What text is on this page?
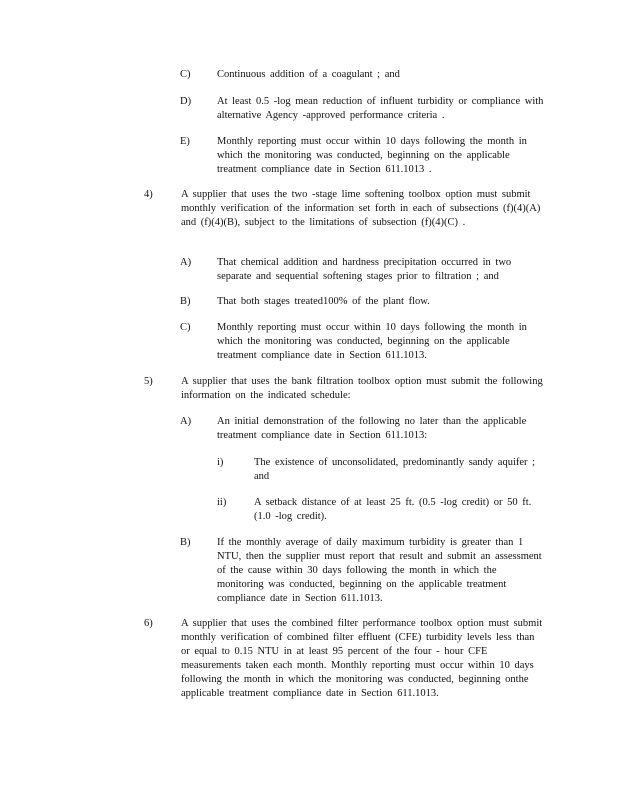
C)	Continuous addition of a coagulant ; and
D) At least 0.5 -log mean reduction of influent turbidity or compliance with alternative Agency -approved performance criteria .
E)	Monthly reporting must occur within 10 days following the month in which the monitoring was conducted, beginning on the applicable treatment compliance date in Section 611.1013 .
4)	A supplier that uses the two -stage lime softening toolbox option must submit monthly verification of the information set forth in each of subsections (f)(4)(A) and (f)(4)(B), subject to the limitations of subsection (f)(4)(C) .
A) That chemical addition and hardness precipitation occurred in two separate and sequential softening stages prior to filtration ; and
B)	That both stages treated100% of the plant flow.
C)	Monthly reporting must occur within 10 days following the month in which the monitoring was conducted, beginning on the applicable treatment compliance date in Section 611.1013.
5)	A supplier that uses the bank filtration toolbox option must submit the following information on the indicated schedule:
A) An initial demonstration of the following no later than the applicable treatment compliance date in Section 611.1013:
i)	The existence of unconsolidated, predominantly sandy aquifer ; and
ii)	A setback distance of at least 25 ft. (0.5 -log credit) or 50 ft. (1.0 -log credit).
B)	If the monthly average of daily maximum turbidity is greater than 1 NTU, then the supplier must report that result and submit an assessment of the cause within 30 days following the month in which the monitoring was conducted, beginning on the applicable treatment compliance date in Section 611.1013.
6)	A supplier that uses the combined filter performance toolbox option must submit monthly verification of combined filter effluent (CFE) turbidity levels less than or equal to 0.15 NTU in at least 95 percent of the four - hour CFE measurements taken each month. Monthly reporting must occur within 10 days following the month in which the monitoring was conducted, beginning onthe applicable treatment compliance date in Section 611.1013.
